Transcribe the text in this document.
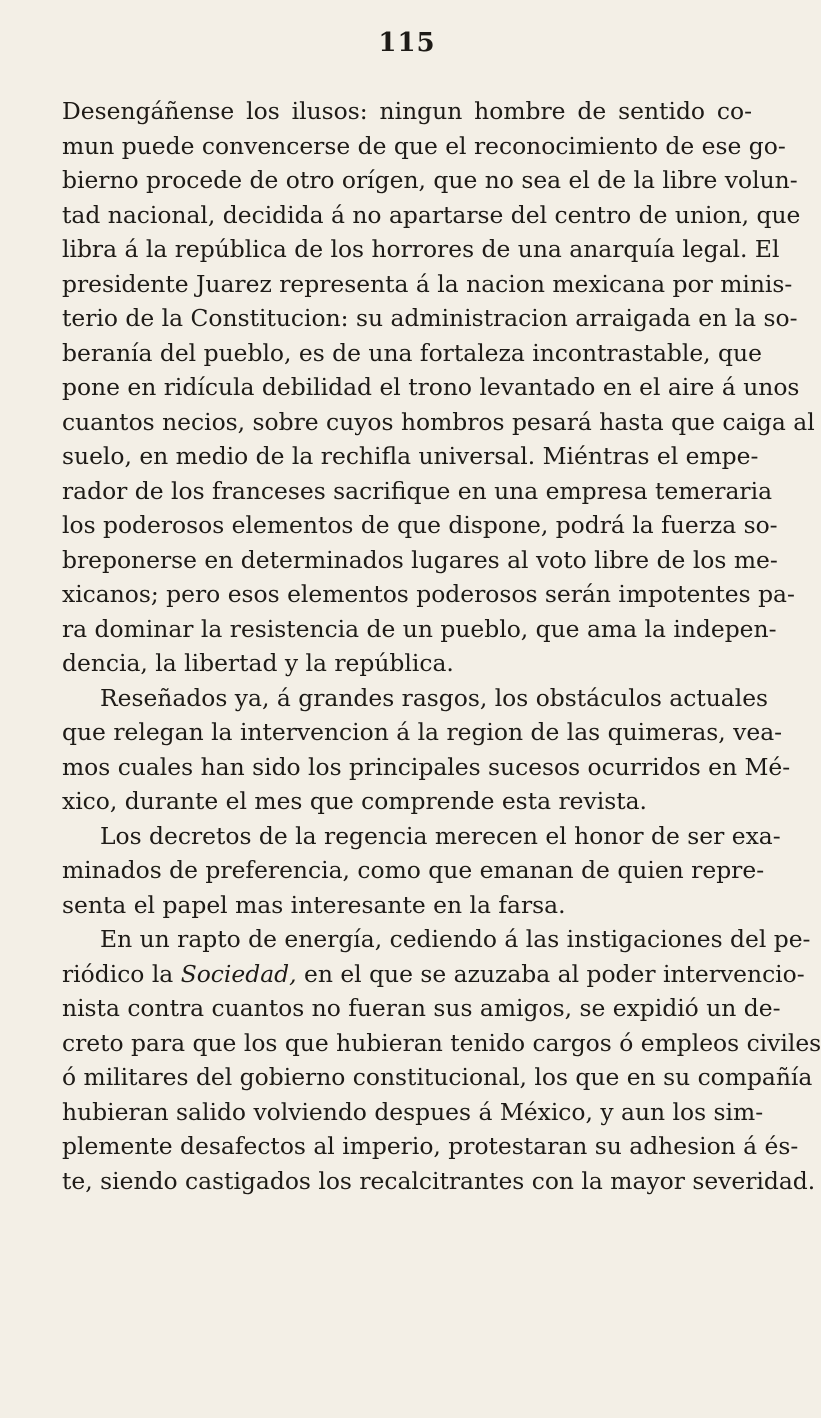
115
Desengáñense los ilusos: ningun hombre de sentido co-
mun puede convencerse de que el reconocimiento de ese go-
bierno procede de otro orígen, que no sea el de la libre volun-
tad nacional, decidida á no apartarse del centro de union, que
libra á la república de los horrores de una anarquía legal. El
presidente Juarez representa á la nacion mexicana por minis-
terio de la Constitucion: su administracion arraigada en la so-
beranía del pueblo, es de una fortaleza incontrastable, que
pone en ridícula debilidad el trono levantado en el aire á unos
cuantos necios, sobre cuyos hombros pesará hasta que caiga al
suelo, en medio de la rechifla universal. Miéntras el empe-
rador de los franceses sacrifique en una empresa temeraria
los poderosos elementos de que dispone, podrá la fuerza so-
breponerse en determinados lugares al voto libre de los me-
xicanos; pero esos elementos poderosos serán impotentes pa-
ra dominar la resistencia de un pueblo, que ama la indepen-
dencia, la libertad y la república.
Reseñados ya, á grandes rasgos, los obstáculos actuales
que relegan la intervencion á la region de las quimeras, vea-
mos cuales han sido los principales sucesos ocurridos en Mé-
xico, durante el mes que comprende esta revista.
Los decretos de la regencia merecen el honor de ser exa-
minados de preferencia, como que emanan de quien repre-
senta el papel mas interesante en la farsa.
En un rapto de energía, cediendo á las instigaciones del pe-
riódico la Sociedad, en el que se azuzaba al poder intervencio-
nista contra cuantos no fueran sus amigos, se expidió un de-
creto para que los que hubieran tenido cargos ó empleos civiles
ó militares del gobierno constitucional, los que en su compañía
hubieran salido volviendo despues á México, y aun los sim-
plemente desafectos al imperio, protestaran su adhesion á és-
te, siendo castigados los recalcitrantes con la mayor severidad.
